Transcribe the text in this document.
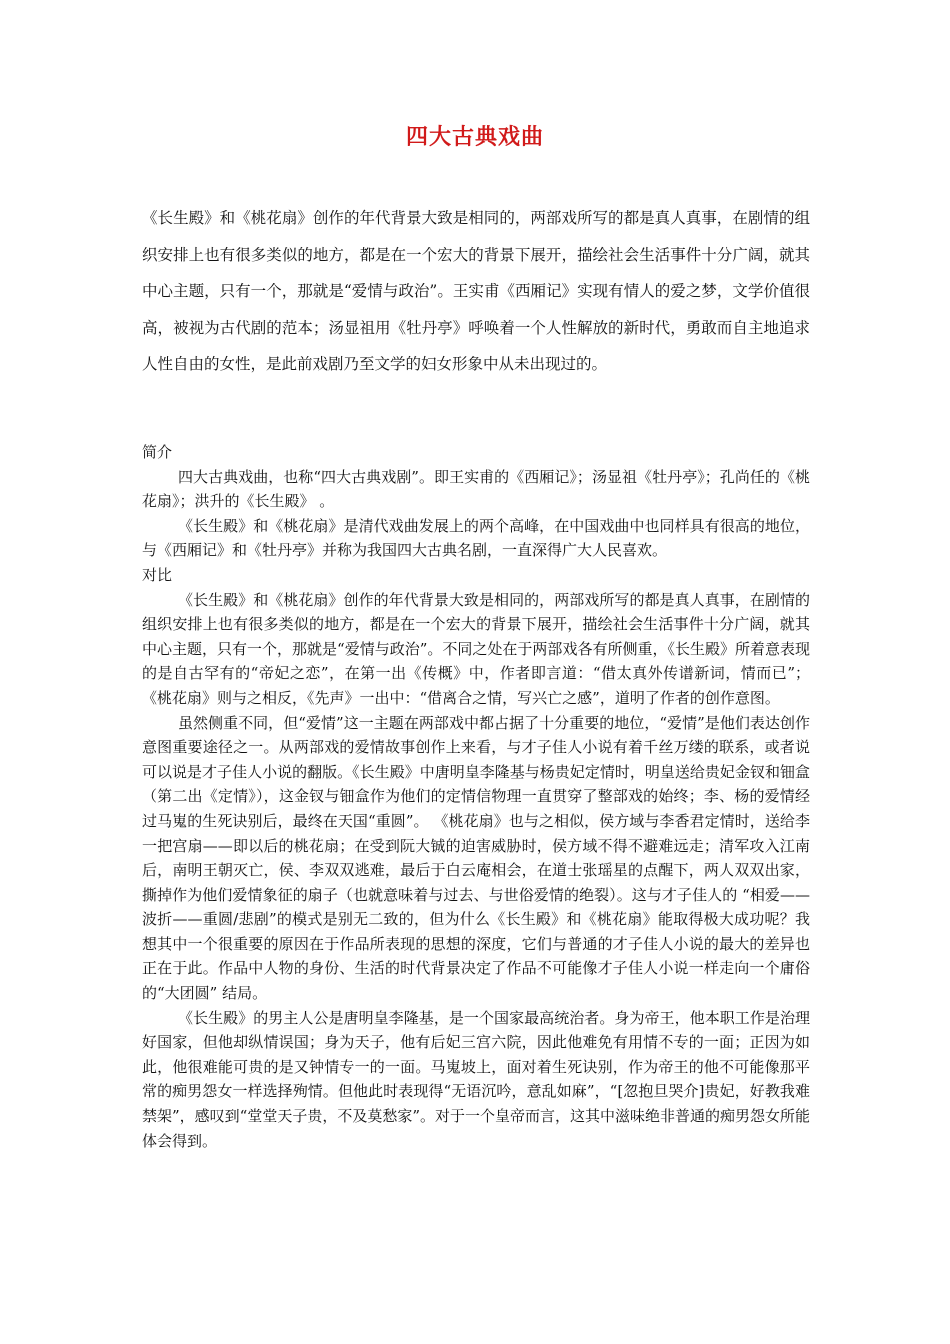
四大古典戏曲

《长生殿》和《桃花扇》创作的年代背景大致是相同的，两部戏所写的都是真人真事，在剧情的组织安排上也有很多类似的地方，都是在一个宏大的背景下展开，描绘社会生活事件十分广阔，就其中心主题，只有一个，那就是“爱情与政治”。王实甫《西厢记》实现有情人的爱之梦，文学价值很高，被视为古代剧的范本；汤显祖用《牡丹亭》呼唤着一个人性解放的新时代，勇敢而自主地追求人性自由的女性，是此前戏剧乃至文学的妇女形象中从未出现过的。

简介

四大古典戏曲，也称“四大古典戏剧”。即王实甫的《西厢记》；汤显祖《牡丹亭》；孔尚任的《桃花扇》；洪升的《长生殿》 。

《长生殿》和《桃花扇》是清代戏曲发展上的两个高峰，在中国戏曲中也同样具有很高的地位，与《西厢记》和《牡丹亭》并称为我国四大古典名剧，一直深得广大人民喜欢。

对比

《长生殿》和《桃花扇》创作的年代背景大致是相同的，两部戏所写的都是真人真事，在剧情的组织安排上也有很多类似的地方，都是在一个宏大的背景下展开，描绘社会生活事件十分广阔，就其中心主题，只有一个，那就是“爱情与政治”。不同之处在于两部戏各有所侧重，《长生殿》所着意表现的是自古罕有的“帝妃之恋”，在第一出《传概》中，作者即言道：“借太真外传谱新词，情而已”；《桃花扇》则与之相反，《先声》一出中：“借离合之情，写兴亡之感”，道明了作者的创作意图。

虽然侧重不同，但“爱情”这一主题在两部戏中都占据了十分重要的地位，“爱情”是他们表达创作意图重要途径之一。从两部戏的爱情故事创作上来看，与才子佳人小说有着千丝万缕的联系，或者说可以说是才子佳人小说的翻版。《长生殿》中唐明皇李隆基与杨贵妃定情时，明皇送给贵妃金钗和钿盒（第二出《定情》），这金钗与钿盒作为他们的定情信物理一直贯穿了整部戏的始终；李、杨的爱情经过马嵬的生死诀别后，最终在天国“重圆”。 《桃花扇》也与之相似，侯方域与李香君定情时，送给李一把宫扇——即以后的桃花扇；在受到阮大铖的迫害威胁时，侯方域不得不避难远走；清军攻入江南后，南明王朝灭亡，侯、李双双逃难，最后于白云庵相会，在道士张瑶星的点醒下，两人双双出家，撕掉作为他们爱情象征的扇子（也就意味着与过去、与世俗爱情的绝裂）。这与才子佳人的 “相爱——波折——重圆/悲剧”的模式是别无二致的，但为什么《长生殿》和《桃花扇》能取得极大成功呢？我想其中一个很重要的原因在于作品所表现的思想的深度，它们与普通的才子佳人小说的最大的差异也正在于此。作品中人物的身份、生活的时代背景决定了作品不可能像才子佳人小说一样走向一个庸俗的“大团圆” 结局。

《长生殿》的男主人公是唐明皇李隆基，是一个国家最高统治者。身为帝王，他本职工作是治理好国家，但他却纵情误国；身为天子，他有后妃三宫六院，因此他难免有用情不专的一面；正因为如此，他很难能可贵的是又钟情专一的一面。马嵬坡上，面对着生死诀别，作为帝王的他不可能像那平常的痴男怨女一样选择殉情。但他此时表现得“无语沉吟，意乱如麻”，“[忽抱旦哭介]贵妃，好教我难禁架”，感叹到“堂堂天子贵，不及莫愁家”。对于一个皇帝而言，这其中滋味绝非普通的痴男怨女所能体会得到。
